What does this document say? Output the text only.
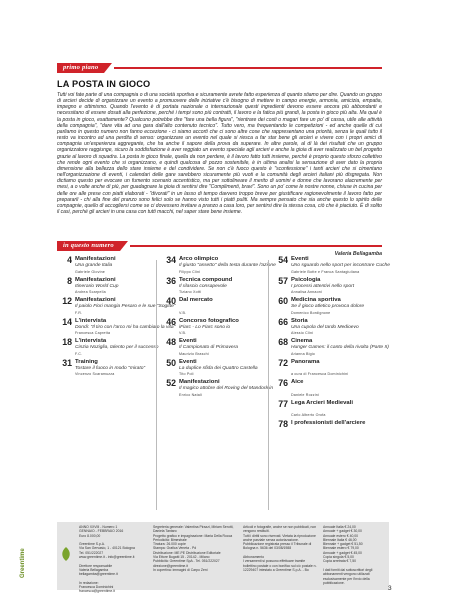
primo piano
LA POSTA IN GIOCO

Tutti voi fate parte di una compagnia o di una società sportiva e sicuramente avrete fatto esperienza di quanto stiamo per dire. Quando un gruppo di arcieri decide di organizzare un evento a promuovere delle iniziative c'è bisogno di mettere in campo energie, armonia, amicizia, empatia, impegno e ottimismo. Quando l'evento è di portata nazionale o internazionale questi ingredienti devono essere ancora più abbondanti e necessitano di essere dosati alla perfezione, perché i tempi sono più contratti, il lavoro e la fatica più grandi, la posta in gioco più alta. Ma qual è la posta in gioco, esattamente? Qualcuno potrebbe dire "fare una bella figura", "rientrare dei costi o magari fare un po' di cassa, utile alle attività della compagnia", "dare vita ad una gara dall'alto contenuto tecnico". Tutto vero, ma frequentando le competizioni - ed anche quelle di cui parliamo in questo numero non fanno eccezione - ci siamo accorti che ci sono altre cose che rappresentano una priorità, senza le quali tutto il resto va incontro ad una perdita di senso: organizzare un evento nel quale si riesca a far star bene gli arcieri e vivere con i propri amici di compagnia un'esperienza aggregante, che ha anche il sapore della prova da superare. In altre parole, al di là dei risultati che un gruppo organizzatore raggiunge, sicuro la soddisfazione è aver reggiato un evento speciale agli arcieri e anche la gioia di aver realizzato un bel progetto grazie al lavoro di squadra. La posta in gioco finale, quella da non perdere, è il lavoro fatto tutti insieme, perché è proprio questo sforzo collettivo che rende ogni evento che si organizzano, e quindi qualcosa di pozzo sostenibile, è in ultima analisi la sensazione di aver dato la propria dimensione alla bellezza dello stare insieme e del condividere. Se non c'è fuoco questo è "sconfessione" i tanti arcieri che si cimentano nell'organizzazione di eventi, i calendari delle gare sarebbero sicuramente più vuoti e la comunità degli arcieri italiani più disgregata. Non dictiamo questo per evocare un fumento scenario accentistico, ma per sottolineare il merito di uomini e donne che lavorano alacremente per mesi, a o volte anche di più, per guadagnare la gioia di sentirsi dire "Complimenti, bravi". Sono un po' come le nostre nonne, chiuse in cucina per delle ore alle prese con piatti elaborati - "divorati" in un lasso di tempo davvero troppo breve per giustificare ragionevolmente il lavoro fatto per prepararli - chi alla fine del pranzo sono felici solo se hanno visto tutti i piatti puliti. Ma sempre pensato che sia anche questo lo spirito delle compagnie, quello di accogliersi come se ci dovessero invitare a pranzo a casa loro, per sentirsi dire la stessa cosa, ciò che è piaciuto. È di solito il casi, perché gli arcieri in una casa con tutti macchi, nel saper stare bene insieme.

Valeria Bellagamba
in questo numero
4 Manifestazioni
Una grande Italia
Gabriele Giovine
8 Manifestazioni
Itinerario World Cup
Andrea Scarpella
12 Manifestazioni
Il paiolo Fiori mangia Pesaro e le sue "Sogitte"
F.R.
14 L'intervista
Dondi: "Il tiro con l'arco mi ha cambiato la vita"
Francesca Capretta
18 L'intervista
Cinzia Noziglia, talento per il successo
F.C.
31 Training
Tostare il fuoco in modo "mirato"
Vincenzo Scaramuzza
34 Arco olimpico
Il giusto "assetto" della testa durante l'azione
Filippo Clini
36 Tecnica compound
Il rilascio consapevole
Tiziano Xotti
40 Dal mercato
V.B.
46 Concorso fotografico
iFiarc - Lo Fiarc sono io
V.B.
48 Eventi
Il Campionato di Primavera
Maurizio Braschi
50 Eventi
La duplice sfida dei Quattro Castella
Tito Poli
52 Manifestazioni
Il magico attobre del Roving del Mandorlein
Enrico Natali
54 Eventi
Uno sguardo nello sport per incontrare Cuche
Gabriele Botte e Franca Santagiuliana
57 Psicologia
I processi attentivi nello sport
Annalisa Annaoni
60 Medicina sportiva
Se il gioco atletico provoca dolore
Domenico Bordignone
66 Storia
Una cupola del tardo Medioevo
Alessio Clini
68 Cinema
Hunger Games: il canto della rivolta (Parte II)
Arianna Bigio
72 Panorama
a cura di Francesca Dominichini
76 Aice
Daniele Rozzini
77 Lega Arcieri Medievali
Carlo Alberto Orofa
78 I professionisti dell'arciere
ANNO XXVIII - Numero 1
GENNAIO - FEBBRAIO 2016
Euro 8.000,00

Greentime S.p.A.
Via San Gervasio, 1 - 40121 Bologna
Tel. 051/222027
www.greentime.it - info@greentime.it

Direttore responsabile
Valeria Bellagamba
bellagamba@greentime.it

In redazione:
Francesca Dominichini
francesca@greentime.it
Segreteria generale: Valentina Pirazzi, Miriam Serotti, Daniela Tantaro
Progetto grafico e impaginazione: Maria Della Rocca
Periodicità: Bimestrale
Tiratura: 26.000 copie
Stampa: Grafica Veneta - Pd
Distribuzione: ME.PE Distribuzione Editoriale
Via Ettore Bugatti 15 - 20142 - Milano
Pubblicità: Greentime SpA - Tel. 051/222027
direzione@greentime.it
In copertina: immagini di Carpo Zeni
Articoli e fotografie, anche se non pubblicati, non vengono restituiti.
Tutti i diritti sono riservati. Vietata la riproduzione anche parziale senza autorizzazione.
Pubblicazione registrata presso il Tribunale di Bologna n. 5636 del 03/08/1988

Abbonamento
I versamenti si possono effettuare tramite bollettino postale o con bonifico sul c/c postale n. 12229407 intestato a Greentime S.p.A. - Bo
Annuale Italia € 24,00
Annuale + gadget € 30,00
Annuale estero € 40,00
Biennale Italia € 46,00
Biennale + gadget € 51,50
Biennale estero € 79,00
Annuale + gadget € 45,00
Copia singola € 5,00
Copia arretrata € 7,50

I dati forniti dai sottoscrittori degli abbonamenti vengono utilizzati esclusivamente per l'invio della pubblicazione.
Greentime
3
